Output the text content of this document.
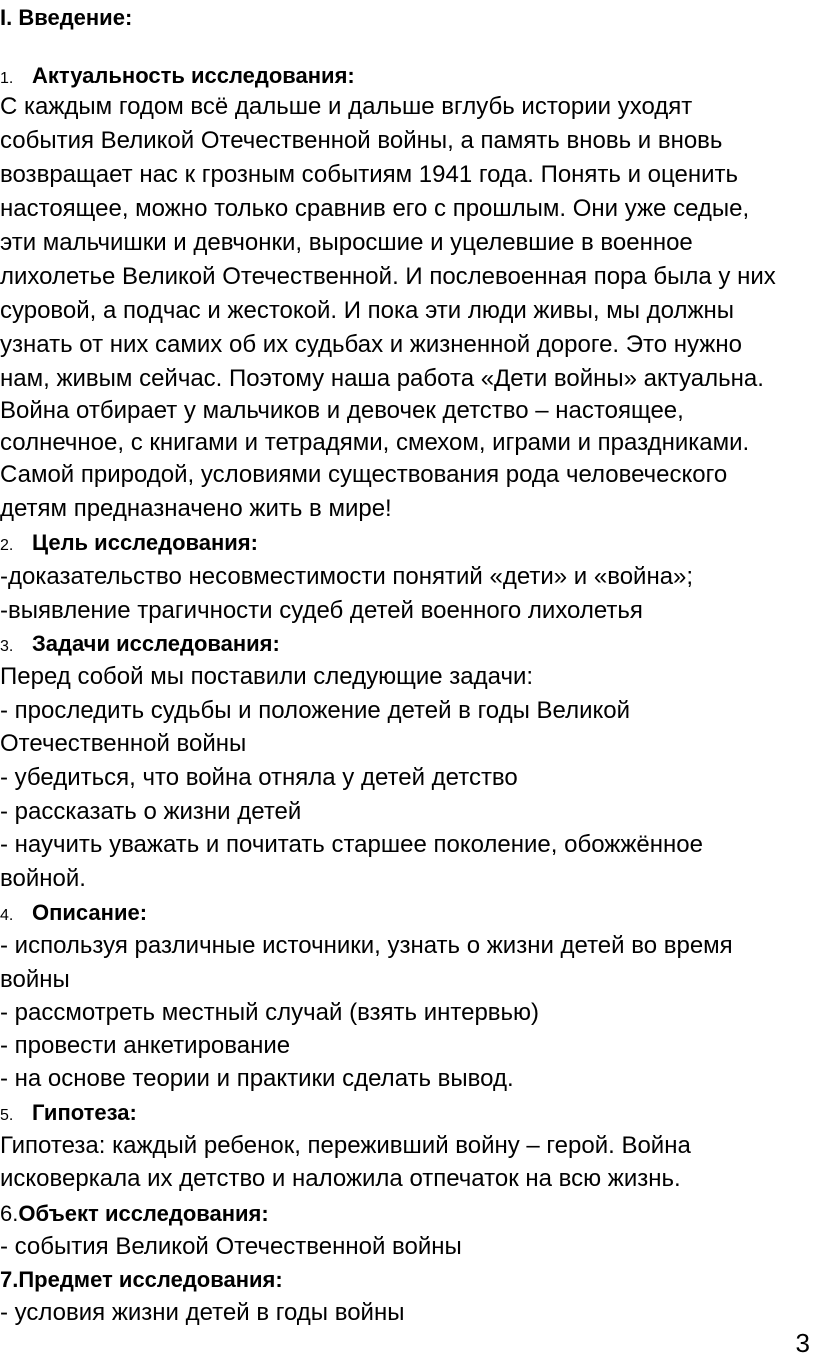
I. Введение:
1. Актуальность исследования:
С каждым годом всё дальше и дальше вглубь истории уходят
события Великой Отечественной войны, а память вновь и вновь
возвращает нас к грозным событиям 1941 года. Понять и оценить
настоящее, можно только сравнив его с прошлым. Они уже седые,
эти мальчишки и девчонки, выросшие и уцелевшие в военное
лихолетье Великой Отечественной. И послевоенная пора была у них
суровой, а подчас и жестокой. И пока эти люди живы, мы должны
узнать от них самих об их судьбах и жизненной дороге. Это нужно
нам, живым сейчас. Поэтому наша работа «Дети войны» актуальна.
Война отбирает у мальчиков и девочек детство – настоящее,
солнечное, с книгами и тетрадями, смехом, играми и праздниками.
Самой природой, условиями существования рода человеческого
детям предназначено жить в мире!
2. Цель исследования:
-доказательство несовместимости понятий «дети» и «война»;
-выявление трагичности судеб детей военного лихолетья
3. Задачи исследования:
Перед собой мы поставили следующие задачи:
- проследить судьбы и положение детей в годы Великой
Отечественной войны
- убедиться, что война отняла у детей детство
- рассказать о жизни детей
- научить уважать и почитать старшее поколение, обожжённое
войной.
4. Описание:
- используя различные источники, узнать о жизни детей во время
войны
- рассмотреть местный случай (взять интервью)
- провести анкетирование
- на основе теории и практики сделать вывод.
5. Гипотеза:
Гипотеза: каждый ребенок, переживший войну – герой. Война
исковеркала их детство и наложила отпечаток на всю жизнь.
6.Объект исследования:
- события Великой Отечественной войны
7.Предмет исследования:
- условия жизни детей в годы войны
3
